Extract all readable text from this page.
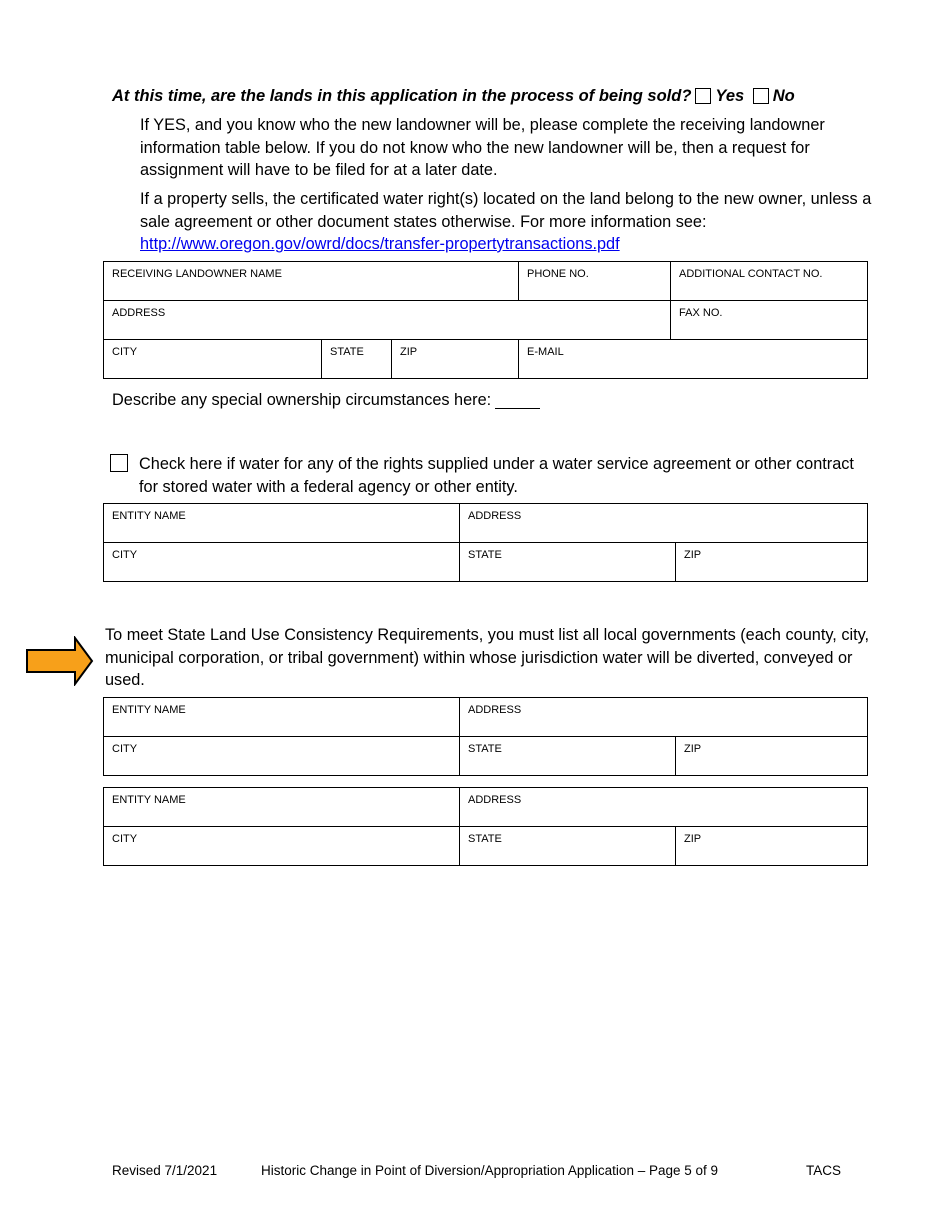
At this time, are the lands in this application in the process of being sold? Yes No
If YES, and you know who the new landowner will be, please complete the receiving landowner information table below. If you do not know who the new landowner will be, then a request for assignment will have to be filed for at a later date.
If a property sells, the certificated water right(s) located on the land belong to the new owner, unless a sale agreement or other document states otherwise. For more information see:
http://www.oregon.gov/owrd/docs/transfer-propertytransactions.pdf
RECEIVING LANDOWNER NAME			PHONE NO.	ADDITIONAL CONTACT NO.
ADDRESS				FAX NO.
CITY	STATE	ZIP	E-MAIL	
Describe any special ownership circumstances here:
Check here if water for any of the rights supplied under a water service agreement or other contract for stored water with a federal agency or other entity.
ENTITY NAME	ADDRESS	
CITY	STATE	ZIP
To meet State Land Use Consistency Requirements, you must list all local governments (each county, city, municipal corporation, or tribal government) within whose jurisdiction water will be diverted, conveyed or used.
ENTITY NAME	ADDRESS	
CITY	STATE	ZIP
ENTITY NAME	ADDRESS	
CITY	STATE	ZIP
Revised 7/1/2021	Historic Change in Point of Diversion/Appropriation Application – Page 5 of 9	TACS
